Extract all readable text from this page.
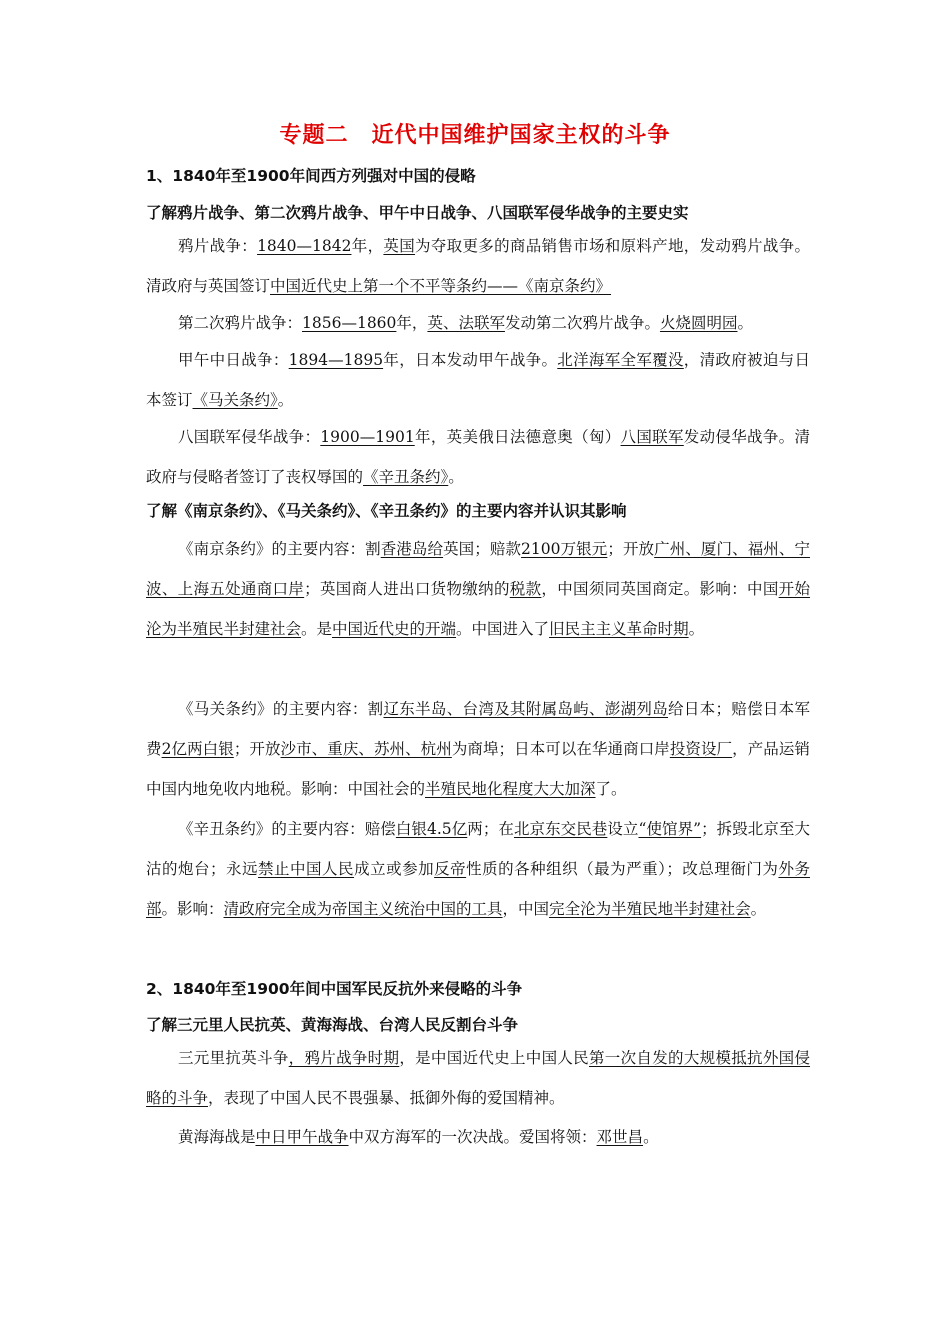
专题二　近代中国维护国家主权的斗争
1、1840年至1900年间西方列强对中国的侵略
了解鸦片战争、第二次鸦片战争、甲午中日战争、八国联军侵华战争的主要史实

鸦片战争：1840—1842年，英国为夺取更多的商品销售市场和原料产地，发动鸦片战争。清政府与英国签订中国近代史上第一个不平等条约——《南京条约》

第二次鸦片战争：1856—1860年，英、法联军发动第二次鸦片战争。火烧圆明园。

甲午中日战争：1894—1895年，日本发动甲午战争。北洋海军全军覆没，清政府被迫与日本签订《马关条约》。

八国联军侵华战争：1900—1901年，英美俄日法德意奥（匈）八国联军发动侵华战争。清政府与侵略者签订了丧权辱国的《辛丑条约》。

了解《南京条约》、《马关条约》、《辛丑条约》的主要内容并认识其影响

《南京条约》的主要内容：割香港岛给英国；赔款2100万银元；开放广州、厦门、福州、宁波、上海五处通商口岸；英国商人进出口货物缴纳的税款，中国须同英国商定。影响：中国开始沦为半殖民半封建社会。是中国近代史的开端。中国进入了旧民主主义革命时期。

《马关条约》的主要内容：割辽东半岛、台湾及其附属岛屿、澎湖列岛给日本；赔偿日本军费2亿两白银；开放沙市、重庆、苏州、杭州为商埠；日本可以在华通商口岸投资设厂，产品运销中国内地免收内地税。影响：中国社会的半殖民地化程度大大加深了。

《辛丑条约》的主要内容：赔偿白银4.5亿两；在北京东交民巷设立“使馆界”；拆毁北京至大沽的炮台；永远禁止中国人民成立或参加反帝性质的各种组织（最为严重）；改总理衙门为外务部。影响：清政府完全成为帝国主义统治中国的工具，中国完全沦为半殖民地半封建社会。

2、1840年至1900年间中国军民反抗外来侵略的斗争
了解三元里人民抗英、黄海海战、台湾人民反割台斗争

三元里抗英斗争，鸦片战争时期，是中国近代史上中国人民第一次自发的大规模抵抗外国侵略的斗争，表现了中国人民不畏强暴、抵御外侮的爱国精神。

黄海海战是中日甲午战争中双方海军的一次决战。爱国将领：邓世昌。
